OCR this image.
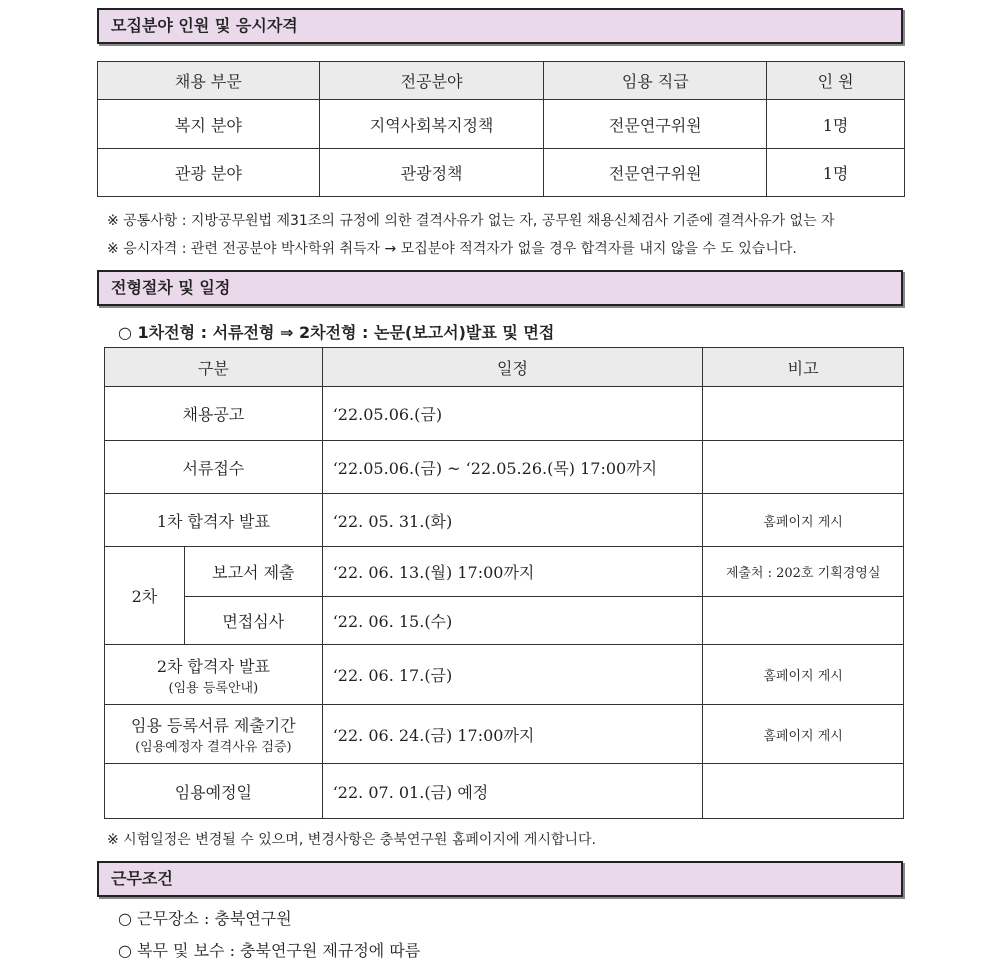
모집분야 인원 및 응시자격
채용 부문	전공분야	임용 직급	인 원
복지 분야	지역사회복지정책	전문연구위원	1명
관광 분야	관광정책	전문연구위원	1명
※ 공통사항 : 지방공무원법 제31조의 규정에 의한 결격사유가 없는 자, 공무원 채용신체검사 기준에 결격사유가 없는 자
※ 응시자격 : 관련 전공분야 박사학위 취득자 → 모집분야 적격자가 없을 경우 합격자를 내지 않을 수 도 있습니다.
전형절차 및 일정
○ 1차전형 : 서류전형 ⇒ 2차전형 : 논문(보고서)발표 및 면접
구분		일정	비고
채용공고		‘22.05.06.(금)	
서류접수		‘22.05.06.(금) ~ ‘22.05.26.(목) 17:00까지	
1차 합격자 발표		‘22. 05. 31.(화)	홈페이지 게시
2차	보고서 제출	‘22. 06. 13.(월) 17:00까지	제출처 : 202호 기획경영실
	면접심사	‘22. 06. 15.(수)	
2차 합격자 발표
(임용 등록안내)		‘22. 06. 17.(금)	홈페이지 게시
임용 등록서류 제출기간
(임용예정자 결격사유 검증)		‘22. 06. 24.(금) 17:00까지	홈페이지 게시
임용예정일		‘22. 07. 01.(금) 예정	
※ 시험일정은 변경될 수 있으며, 변경사항은 충북연구원 홈페이지에 게시합니다.
근무조건
○ 근무장소 : 충북연구원
○ 복무 및 보수 : 충북연구원 제규정에 따름
